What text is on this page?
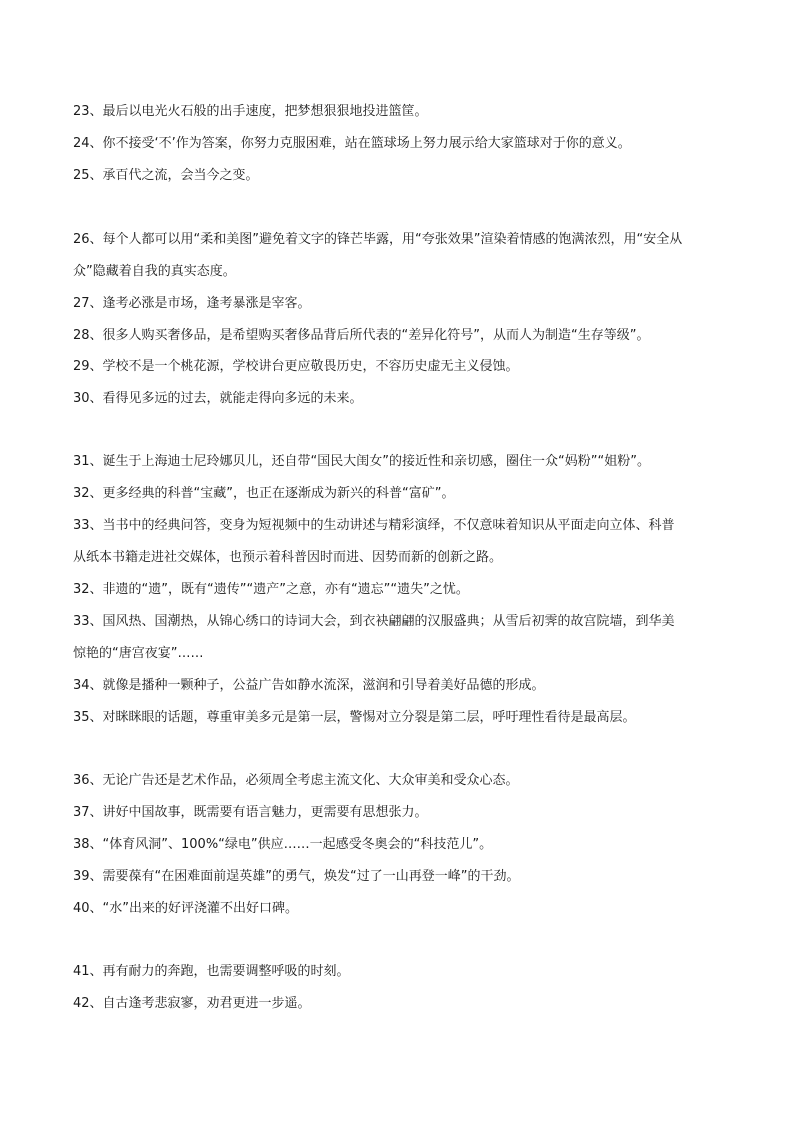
23、最后以电光火石般的出手速度，把梦想狠狠地投进篮筐。
24、你不接受‘不’作为答案，你努力克服困难，站在篮球场上努力展示给大家篮球对于你的意义。
25、承百代之流，会当今之变。
26、每个人都可以用“柔和美图”避免着文字的锋芒毕露，用“夸张效果”渲染着情感的饱满浓烈，用“安全从
众”隐藏着自我的真实态度。
27、逢考必涨是市场，逢考暴涨是宰客。
28、很多人购买奢侈品，是希望购买奢侈品背后所代表的“差异化符号”，从而人为制造“生存等级”。
29、学校不是一个桃花源，学校讲台更应敬畏历史，不容历史虚无主义侵蚀。
30、看得见多远的过去，就能走得向多远的未来。
31、诞生于上海迪士尼玲娜贝儿，还自带“国民大闺女”的接近性和亲切感，圈住一众“妈粉”“姐粉”。
32、更多经典的科普“宝藏”，也正在逐渐成为新兴的科普“富矿”。
33、当书中的经典问答，变身为短视频中的生动讲述与精彩演绎，不仅意味着知识从平面走向立体、科普
从纸本书籍走进社交媒体，也预示着科普因时而进、因势而新的创新之路。
32、非遗的“遗”，既有“遗传”“遗产”之意，亦有“遗忘”“遗失”之忧。
33、国风热、国潮热，从锦心绣口的诗词大会，到衣袂翩翩的汉服盛典；从雪后初霁的故宫院墙，到华美
惊艳的“唐宫夜宴”……
34、就像是播种一颗种子，公益广告如静水流深，滋润和引导着美好品德的形成。
35、对眯眯眼的话题，尊重审美多元是第一层，警惕对立分裂是第二层，呼吁理性看待是最高层。
36、无论广告还是艺术作品，必须周全考虑主流文化、大众审美和受众心态。
37、讲好中国故事，既需要有语言魅力，更需要有思想张力。
38、“体育风洞”、100%“绿电”供应……一起感受冬奥会的“科技范儿”。
39、需要葆有“在困难面前逞英雄”的勇气，焕发“过了一山再登一峰”的干劲。
40、“水”出来的好评浇灌不出好口碑。
41、再有耐力的奔跑，也需要调整呼吸的时刻。
42、自古逢考悲寂寥，劝君更进一步遥。
